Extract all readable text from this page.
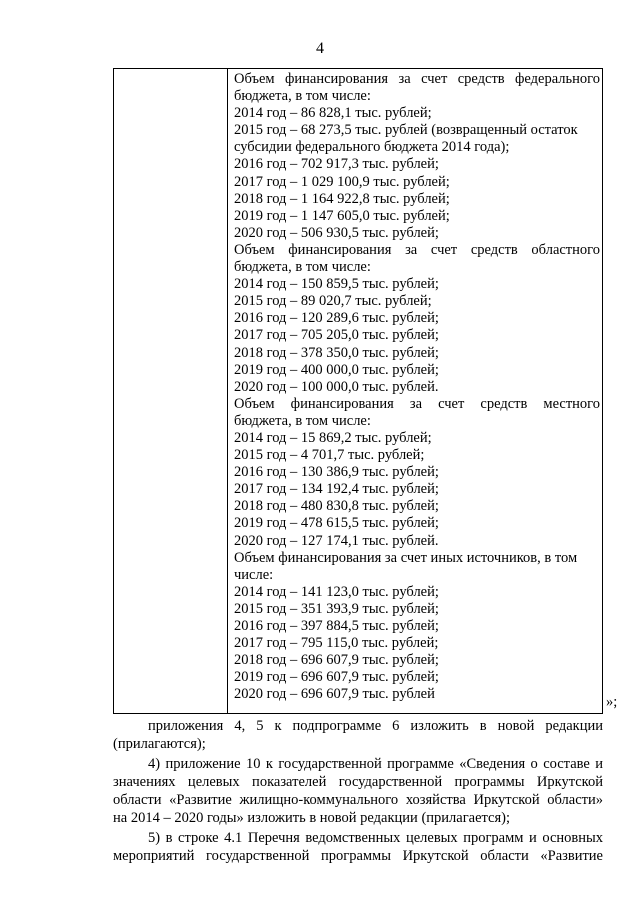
4
Объем финансирования за счет средств федерального
бюджета, в том числе:
2014 год – 86 828,1 тыс. рублей;
2015 год – 68 273,5 тыс. рублей (возвращенный остаток
субсидии федерального бюджета 2014 года);
2016 год – 702 917,3 тыс. рублей;
2017 год – 1 029 100,9 тыс. рублей;
2018 год – 1 164 922,8 тыс. рублей;
2019 год – 1 147 605,0 тыс. рублей;
2020 год – 506 930,5 тыс. рублей;
Объем финансирования за счет средств областного
бюджета, в том числе:
2014 год – 150 859,5 тыс. рублей;
2015 год – 89 020,7 тыс. рублей;
2016 год – 120 289,6 тыс. рублей;
2017 год – 705 205,0 тыс. рублей;
2018 год – 378 350,0 тыс. рублей;
2019 год – 400 000,0 тыс. рублей;
2020 год – 100 000,0 тыс. рублей.
Объем финансирования за счет средств местного
бюджета, в том числе:
2014 год – 15 869,2 тыс. рублей;
2015 год – 4 701,7 тыс. рублей;
2016 год – 130 386,9 тыс. рублей;
2017 год – 134 192,4 тыс. рублей;
2018 год – 480 830,8 тыс. рублей;
2019 год – 478 615,5 тыс. рублей;
2020 год – 127 174,1 тыс. рублей.
Объем финансирования за счет иных источников, в том
числе:
2014 год – 141 123,0 тыс. рублей;
2015 год – 351 393,9 тыс. рублей;
2016 год – 397 884,5 тыс. рублей;
2017 год – 795 115,0 тыс. рублей;
2018 год – 696 607,9 тыс. рублей;
2019 год – 696 607,9 тыс. рублей;
2020 год – 696 607,9 тыс. рублей	»;
приложения 4, 5 к подпрограмме 6 изложить в новой редакции
(прилагаются);
4) приложение 10 к государственной программе «Сведения о составе и
значениях целевых показателей государственной программы Иркутской
области «Развитие жилищно-коммунального хозяйства Иркутской области»
на 2014 – 2020 годы» изложить в новой редакции (прилагается);
5) в строке 4.1 Перечня ведомственных целевых программ и основных
мероприятий государственной программы Иркутской области «Развитие
